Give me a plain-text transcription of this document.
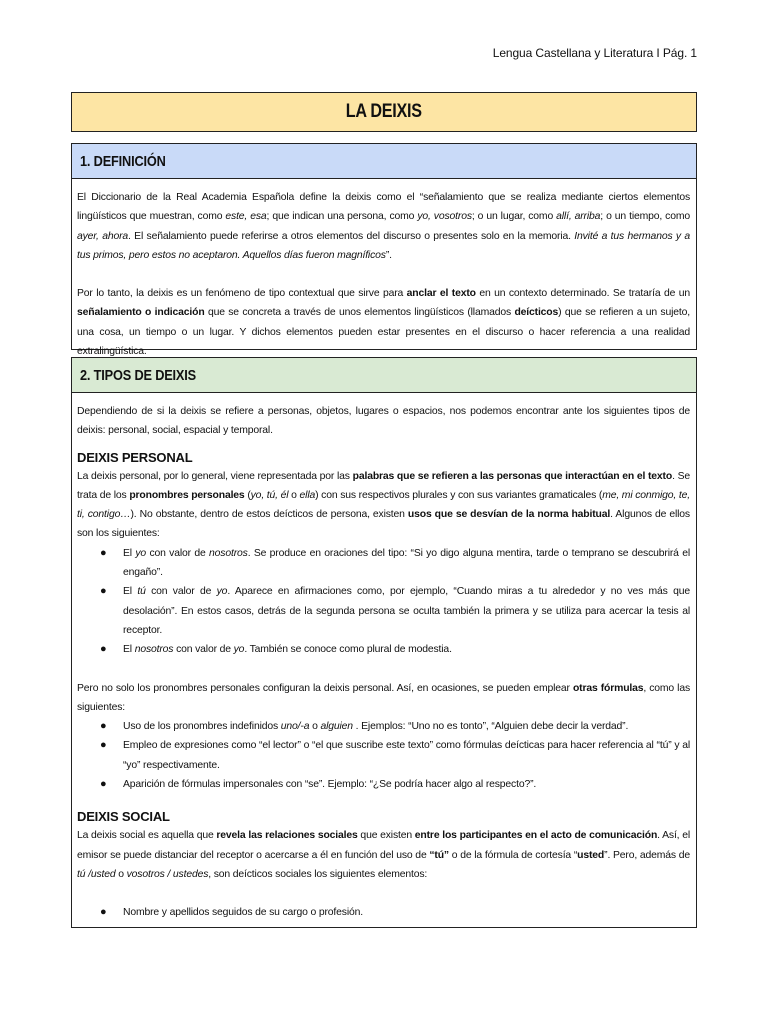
Lengua Castellana y Literatura I Pág. 1
LA DEIXIS
1. DEFINICIÓN

El Diccionario de la Real Academia Española define la deixis como el “señalamiento que se realiza mediante ciertos elementos lingüísticos que muestran, como este, esa; que indican una persona, como yo, vosotros; o un lugar, como allí, arriba; o un tiempo, como ayer, ahora. El señalamiento puede referirse a otros elementos del discurso o presentes solo en la memoria. Invité a tus hermanos y a tus primos, pero estos no aceptaron. Aquellos días fueron magníficos”.

Por lo tanto, la deixis es un fenómeno de tipo contextual que sirve para anclar el texto en un contexto determinado. Se trataría de un señalamiento o indicación que se concreta a través de unos elementos lingüísticos (llamados deícticos) que se refieren a un sujeto, una cosa, un tiempo o un lugar. Y dichos elementos pueden estar presentes en el discurso o hacer referencia a una realidad extralingüística.

2. TIPOS DE DEIXIS

Dependiendo de si la deixis se refiere a personas, objetos, lugares o espacios, nos podemos encontrar ante los siguientes tipos de deixis: personal, social, espacial y temporal.

DEIXIS PERSONAL

La deixis personal, por lo general, viene representada por las palabras que se refieren a las personas que interactúan en el texto. Se trata de los pronombres personales (yo, tú, él o ella) con sus respectivos plurales y con sus variantes gramaticales (me, mi conmigo, te, ti, contigo…). No obstante, dentro de estos deícticos de persona, existen usos que se desvían de la norma habitual. Algunos de ellos son los siguientes:

● El yo con valor de nosotros. Se produce en oraciones del tipo: “Si yo digo alguna mentira, tarde o temprano se descubrirá el engaño”.
● El tú con valor de yo. Aparece en afirmaciones como, por ejemplo, “Cuando miras a tu alrededor y no ves más que desolación”. En estos casos, detrás de la segunda persona se oculta también la primera y se utiliza para acercar la tesis al receptor.
● El nosotros con valor de yo. También se conoce como plural de modestia.

Pero no solo los pronombres personales configuran la deixis personal. Así, en ocasiones, se pueden emplear otras fórmulas, como las siguientes:

● Uso de los pronombres indefinidos uno/-a o alguien . Ejemplos: “Uno no es tonto”, “Alguien debe decir la verdad”.
● Empleo de expresiones como “el lector” o “el que suscribe este texto” como fórmulas deícticas para hacer referencia al “tú” y al “yo” respectivamente.
● Aparición de fórmulas impersonales con “se”. Ejemplo: “¿Se podría hacer algo al respecto?”.
DEIXIS SOCIAL

La deixis social es aquella que revela las relaciones sociales que existen entre los participantes en el acto de comunicación. Así, el emisor se puede distanciar del receptor o acercarse a él en función del uso de “tú” o de la fórmula de cortesía “usted”. Pero, además de tú /usted o vosotros / ustedes, son deícticos sociales los siguientes elementos:

● Nombre y apellidos seguidos de su cargo o profesión.
